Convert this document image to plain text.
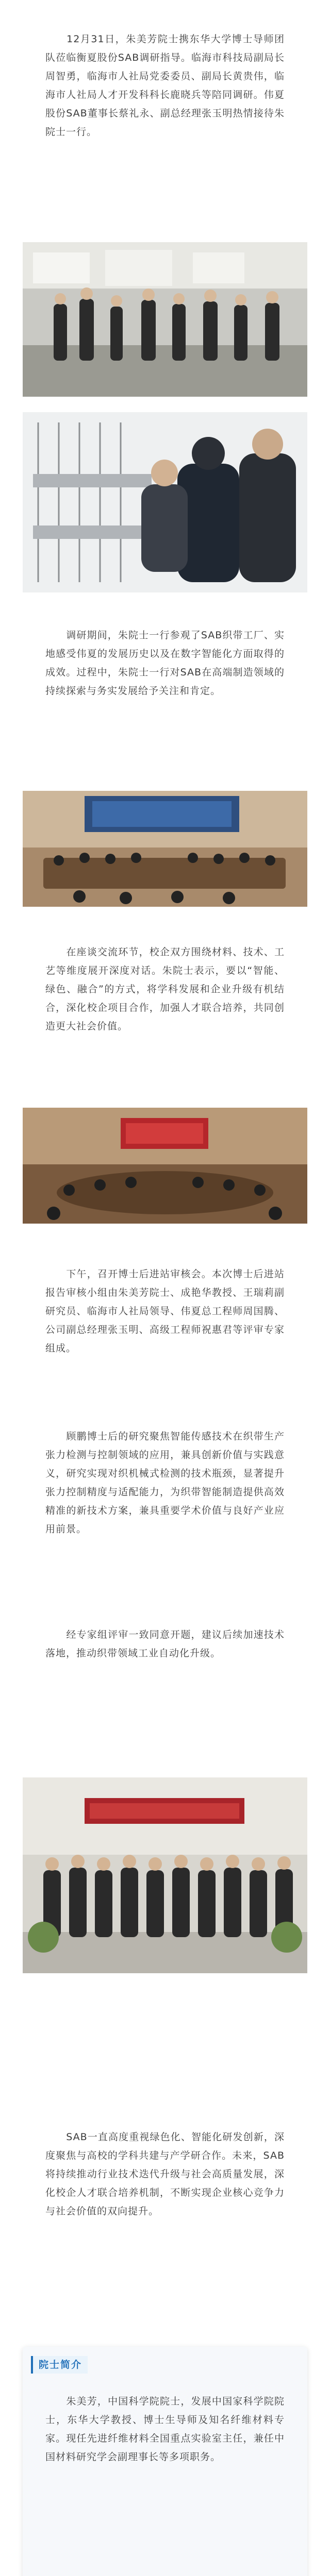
　　12月31日，朱美芳院士携东华大学博士导师团队莅临衡夏股份SAB调研指导。临海市科技局副局长周智勇，临海市人社局党委委员、副局长黄贵伟，临海市人社局人才开发科科长鹿晓兵等陪同调研。伟夏股份SAB董事长蔡礼永、副总经理张玉明热情接待朱院士一行。

　　调研期间，朱院士一行参观了SAB织带工厂、实地感受伟夏的发展历史以及在数字智能化方面取得的成效。过程中，朱院士一行对SAB在高端制造领域的持续探索与务实发展给予关注和肯定。

　　在座谈交流环节，校企双方围绕材料、技术、工艺等维度展开深度对话。朱院士表示，要以“智能、绿色、融合”的方式，将学科发展和企业升级有机结合，深化校企项目合作，加强人才联合培养，共同创造更大社会价值。

　　下午，召开博士后进站审核会。本次博士后进站报告审核小组由朱美芳院士、成艳华教授、王瑞莉副研究员、临海市人社局领导、伟夏总工程师周国腾、公司副总经理张玉明、高级工程师祝惠君等评审专家组成。

　　顾鹏博士后的研究聚焦智能传感技术在织带生产张力检测与控制领域的应用，兼具创新价值与实践意义，研究实现对织机械式检测的技术瓶颈，显著提升张力控制精度与适配能力，为织带智能制造提供高效精准的新技术方案，兼具重要学术价值与良好产业应用前景。

　　经专家组评审一致同意开题，建议后续加速技术落地，推动织带领域工业自动化升级。

　　SAB一直高度重视绿色化、智能化研发创新，深度聚焦与高校的学科共建与产学研合作。未来，SAB将持续推动行业技术迭代升级与社会高质量发展，深化校企人才联合培养机制，不断实现企业核心竞争力与社会价值的双向提升。

院士简介

　　朱美芳，中国科学院院士，发展中国家科学院院士，东华大学教授、博士生导师及知名纤维材料专家。现任先进纤维材料全国重点实验室主任，兼任中国材料研究学会副理事长等多项职务。
